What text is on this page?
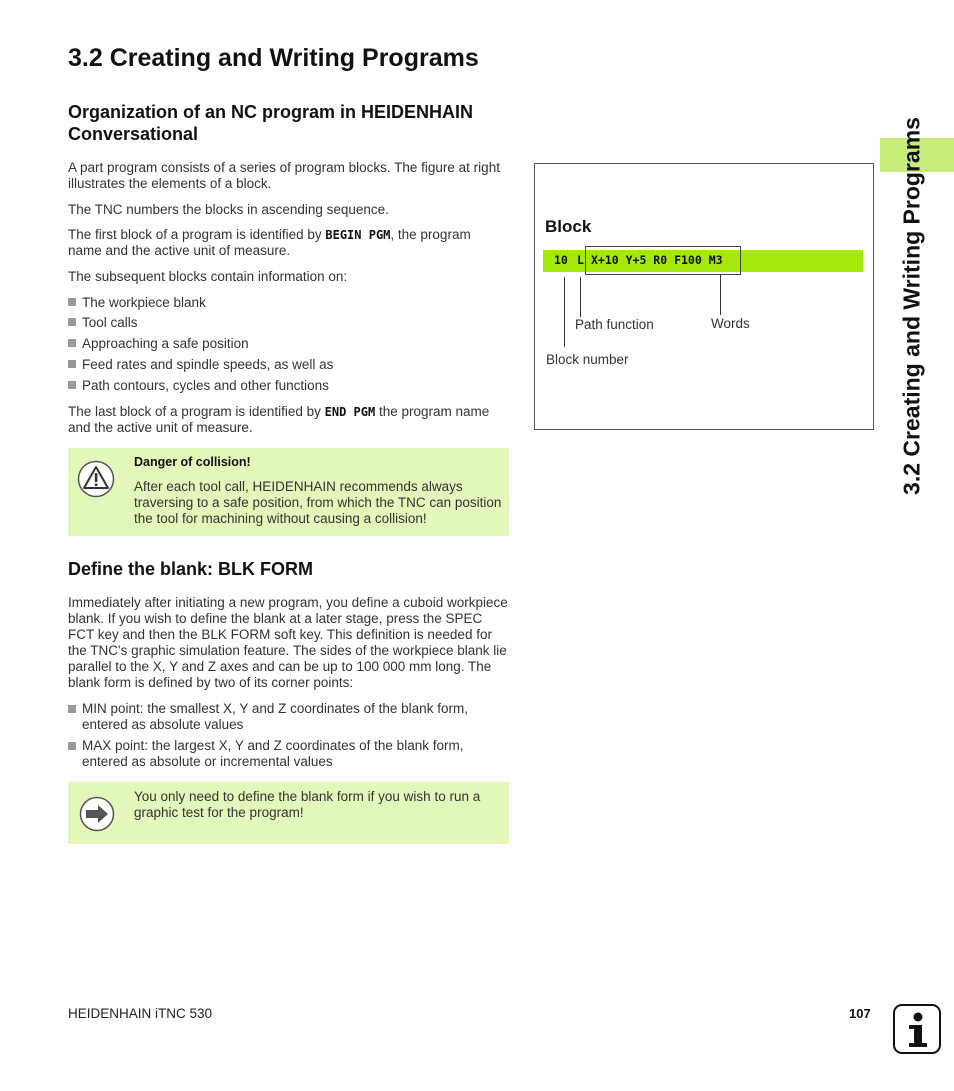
3.2 Creating and Writing Programs
Organization of an NC program in HEIDENHAIN Conversational

A part program consists of a series of program blocks. The figure at right illustrates the elements of a block.

The TNC numbers the blocks in ascending sequence.

The first block of a program is identified by BEGIN PGM, the program name and the active unit of measure.

The subsequent blocks contain information on:

The workpiece blank
Tool calls
Approaching a safe position
Feed rates and spindle speeds, as well as
Path contours, cycles and other functions

The last block of a program is identified by END PGM the program name and the active unit of measure.

Danger of collision!
After each tool call, HEIDENHAIN recommends always traversing to a safe position, from which the TNC can position the tool for machining without causing a collision!
Define the blank: BLK FORM

Immediately after initiating a new program, you define a cuboid workpiece blank. If you wish to define the blank at a later stage, press the SPEC FCT key and then the BLK FORM soft key. This definition is needed for the TNC's graphic simulation feature. The sides of the workpiece blank lie parallel to the X, Y and Z axes and can be up to 100 000 mm long. The blank form is defined by two of its corner points:

MIN point: the smallest X, Y and Z coordinates of the blank form, entered as absolute values
MAX point: the largest X, Y and Z coordinates of the blank form, entered as absolute or incremental values
You only need to define the blank form if you wish to run a graphic test for the program!
Block
10 L X+10 Y+5 R0 F100 M3
Path function	Words
Block number	3.2 Creating and Writing Programs
HEIDENHAIN iTNC 530	107
